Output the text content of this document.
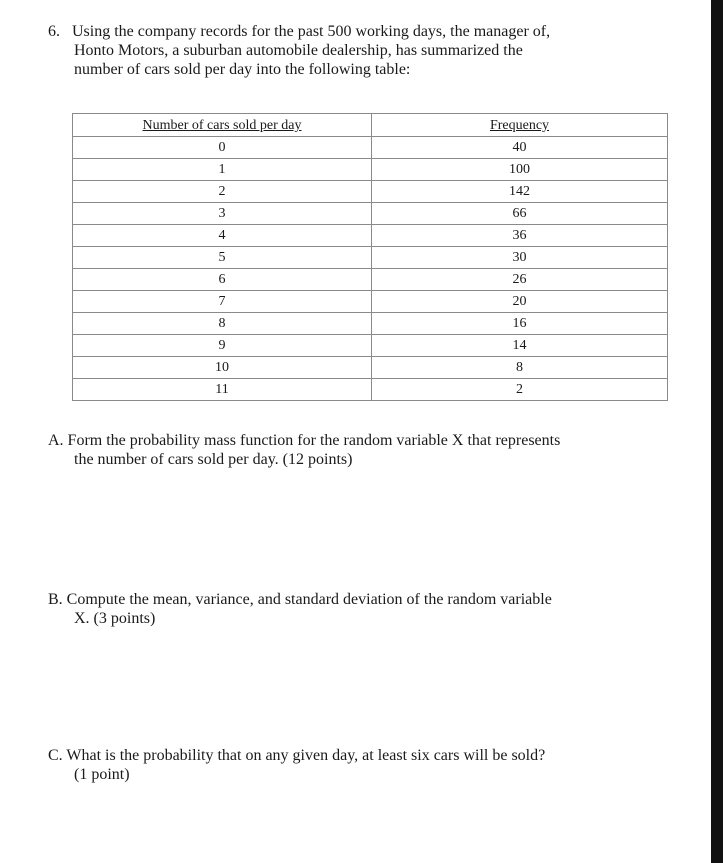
6. Using the company records for the past 500 working days, the manager of,
Honto Motors, a suburban automobile dealership, has summarized the
number of cars sold per day into the following table:
Number of cars sold per day	Frequency
0	40
1	100
2	142
3	66
4	36
5	30
6	26
7	20
8	16
9	14
10	8
11	2
A. Form the probability mass function for the random variable X that represents
the number of cars sold per day. (12 points)
B. Compute the mean, variance, and standard deviation of the random variable
X. (3 points)
C. What is the probability that on any given day, at least six cars will be sold?
(1 point)
